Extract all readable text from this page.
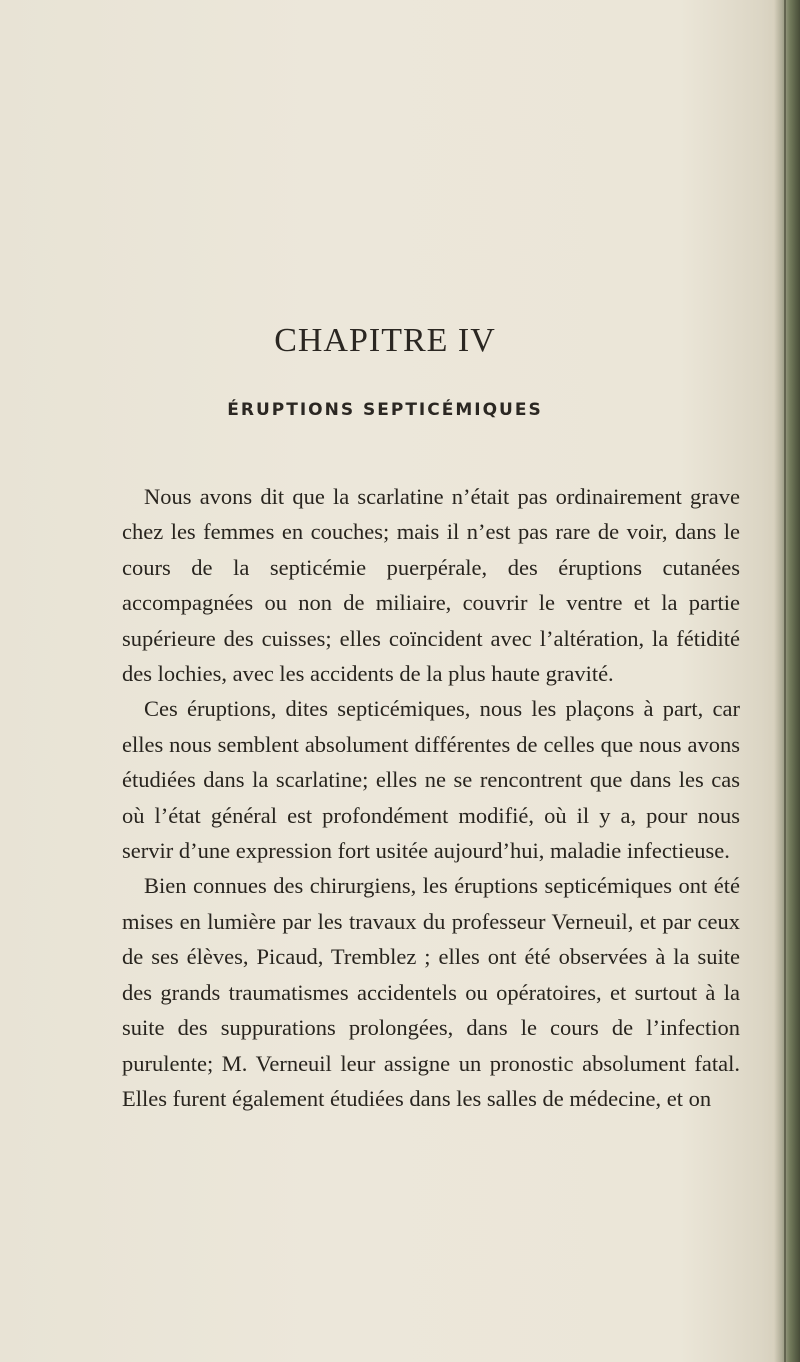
CHAPITRE IV
ÉRUPTIONS SEPTICÉMIQUES

Nous avons dit que la scarlatine n’était pas ordinairement grave chez les femmes en couches; mais il n’est pas rare de voir, dans le cours de la septicémie puerpérale, des éruptions cutanées accompagnées ou non de miliaire, couvrir le ventre et la partie supérieure des cuisses; elles coïncident avec l’altération, la fétidité des lochies, avec les accidents de la plus haute gravité.

Ces éruptions, dites septicémiques, nous les plaçons à part, car elles nous semblent absolument différentes de celles que nous avons étudiées dans la scarlatine; elles ne se rencontrent que dans les cas où l’état général est profondément modifié, où il y a, pour nous servir d’une expression fort usitée aujourd’hui, maladie infectieuse.

Bien connues des chirurgiens, les éruptions septicémiques ont été mises en lumière par les travaux du professeur Verneuil, et par ceux de ses élèves, Picaud, Tremblez ; elles ont été observées à la suite des grands traumatismes accidentels ou opératoires, et surtout à la suite des suppurations prolongées, dans le cours de l’infection purulente; M. Verneuil leur assigne un pronostic absolument fatal. Elles furent également étudiées dans les salles de médecine, et on
